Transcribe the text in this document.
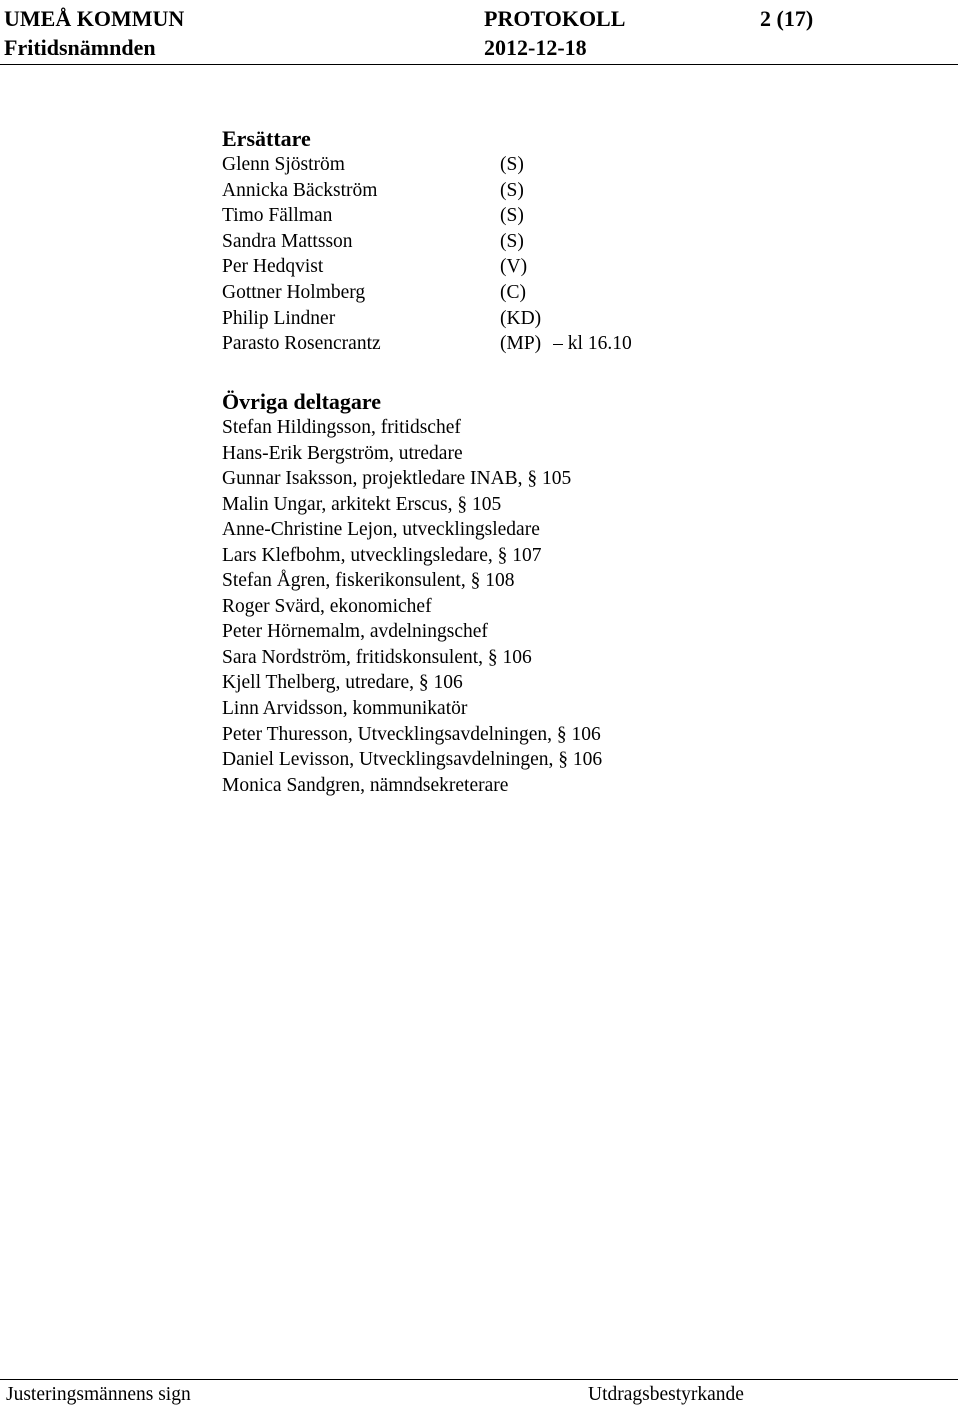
UMEÅ KOMMUN	PROTOKOLL	2 (17)
Fritidsnämnden	2012-12-18
Ersättare
Glenn Sjöström	(S)
Annicka Bäckström	(S)
Timo Fällman	(S)
Sandra Mattsson	(S)
Per Hedqvist	(V)
Gottner Holmberg	(C)
Philip Lindner	(KD)
Parasto Rosencrantz	(MP) – kl 16.10
Övriga deltagare
Stefan Hildingsson, fritidschef
Hans-Erik Bergström, utredare
Gunnar Isaksson, projektledare INAB, § 105
Malin Ungar, arkitekt Erscus, § 105
Anne-Christine Lejon, utvecklingsledare
Lars Klefbohm, utvecklingsledare, § 107
Stefan Ågren, fiskerikonsulent, § 108
Roger Svärd, ekonomichef
Peter Hörnemalm, avdelningschef
Sara Nordström, fritidskonsulent, § 106
Kjell Thelberg, utredare, § 106
Linn Arvidsson, kommunikatör
Peter Thuresson, Utvecklingsavdelningen, § 106
Daniel Levisson, Utvecklingsavdelningen, § 106
Monica Sandgren, nämndsekreterare
Justeringsmännens sign	Utdragsbestyrkande
